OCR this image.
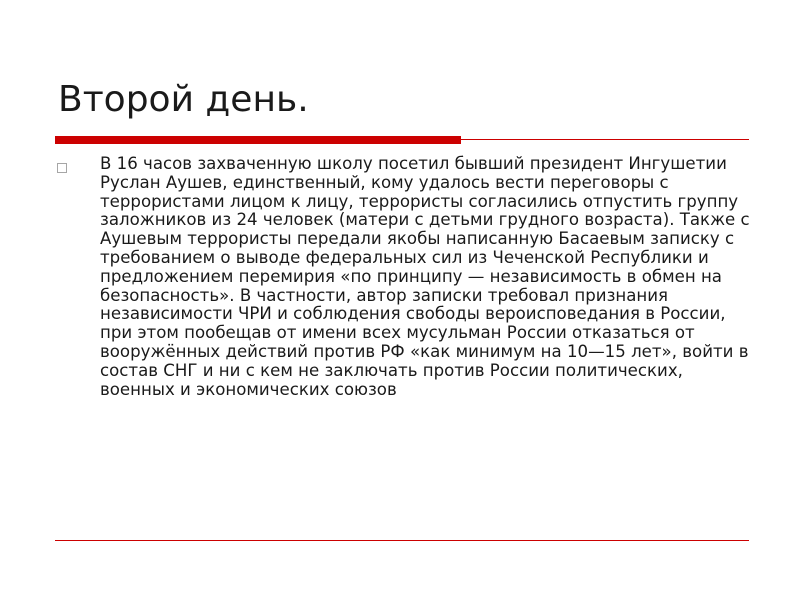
Второй день.

В 16 часов захваченную школу посетил бывший президент Ингушетии Руслан Аушев, единственный, кому удалось вести переговоры с террористами лицом к лицу, террористы согласились отпустить группу заложников из 24 человек (матери с детьми грудного возраста). Также с Аушевым террористы передали якобы написанную Басаевым записку с требованием о выводе федеральных сил из Чеченской Республики и предложением перемирия «по принципу — независимость в обмен на безопасность». В частности, автор записки требовал признания независимости ЧРИ и соблюдения свободы вероисповедания в России, при этом пообещав от имени всех мусульман России отказаться от вооружённых действий против РФ «как минимум на 10—15 лет», войти в состав СНГ и ни с кем не заключать против России политических, военных и экономических союзов
